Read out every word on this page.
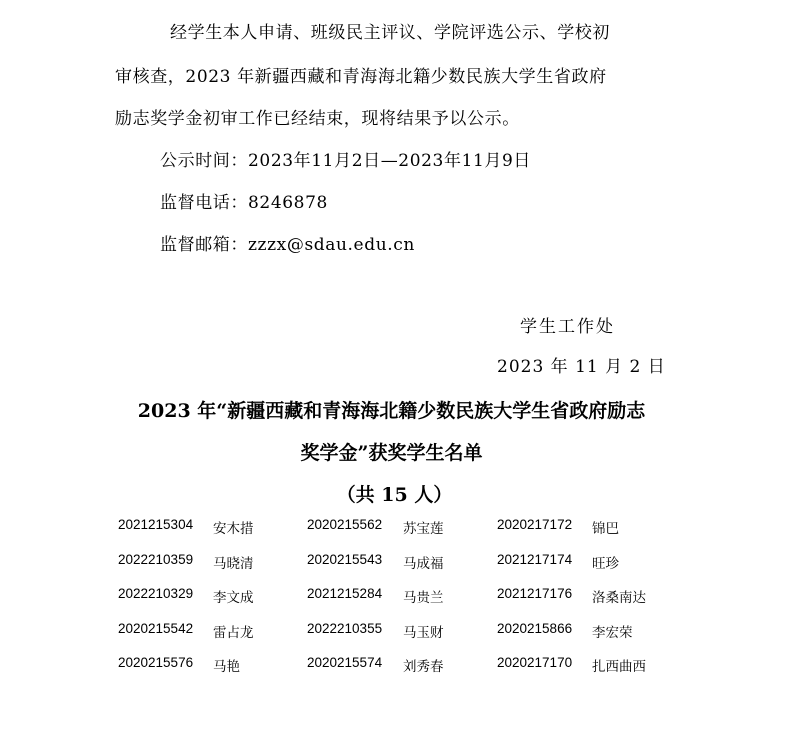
经学生本人申请、班级民主评议、学院评选公示、学校初
审核查，2023 年新疆西藏和青海海北籍少数民族大学生省政府
励志奖学金初审工作已经结束，现将结果予以公示。
公示时间：2023年11月2日—2023年11月9日
监督电话：8246878
监督邮箱：zzzx@sdau.edu.cn
学生工作处
2023 年 11 月 2 日
2023 年“新疆西藏和青海海北籍少数民族大学生省政府励志
奖学金”获奖学生名单
（共 15 人）
2021215304 安木措	2020215562 苏宝莲	2020217172 锦巴
2022210359 马晓清	2020215543 马成福	2021217174 旺珍
2022210329 李文成	2021215284 马贵兰	2021217176 洛桑南达
2020215542 雷占龙	2022210355 马玉财	2020215866 李宏荣
2020215576 马艳	2020215574 刘秀春	2020217170 扎西曲西
